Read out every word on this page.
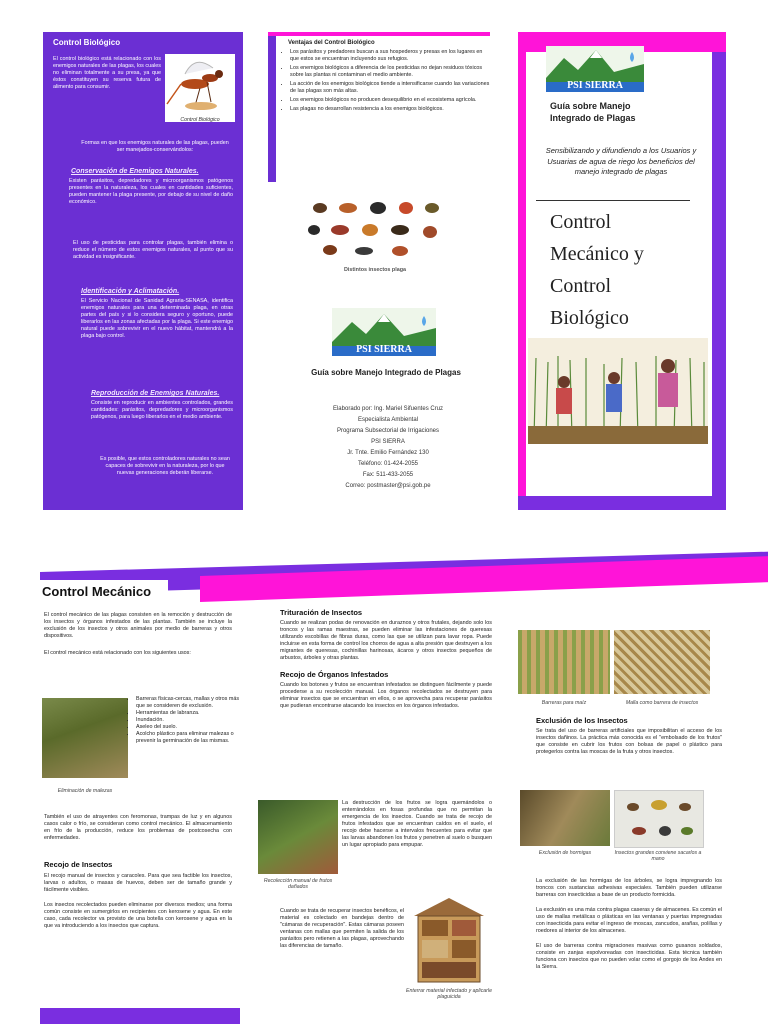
Control Biológico

El control biológico está relacionado con los enemigos naturales de las plagas, los cuales no eliminan totalmente a su presa, ya que éstos constituyen su reserva futura de alimento para consumir.

Control Biológico

Formas en que los enemigos naturales de las plagas, pueden ser manejados-conservándolos:

Conservación de Enemigos Naturales.

Existen parásitos, depredadores y microorganismos patógenos presentes en la naturaleza, los cuales en cantidades suficientes, pueden mantener la plaga presente, por debajo de su nivel de daño económico.

El uso de pesticidas para controlar plagas, también elimina o reduce el número de estos enemigos naturales, al punto que su actividad es insignificante.

Identificación y Aclimatación.

El Servicio Nacional de Sanidad Agraria-SENASA, identifica enemigos naturales para una determinada plaga, en otras partes del país y si lo considera seguro y oportuno, puede liberarlos en las zonas afectadas por la plaga. Si este enemigo natural puede sobrevivir en el nuevo hábitat, mantendrá a la plaga bajo control.

Reproducción de Enemigos Naturales.

Consiste en reproducir en ambientes controlados, grandes cantidades: parásitos, depredadores y microorganismos patógenos, para luego liberarlos en el medio ambiente.

Es posible, que estos controladores naturales no sean capaces de sobrevivir en la naturaleza, por lo que nuevas generaciones deberán liberarse.

Ventajas del Control Biológico
• Los parásitos y predadores buscan a sus hospederos y presas en los lugares en que estos se encuentran incluyendo sus refugios.
• Los enemigos biológicos a diferencia de los pesticidas no dejan residuos tóxicos sobre las plantas ni contaminan el medio ambiente.
• La acción de los enemigos biológicos tiende a intensificarse cuando las variaciones de las plagas son más altas.
• Los enemigos biológicos no producen desequilibrio en el ecosistema agrícola.
• Las plagas no desarrollan resistencia a los enemigos biológicos.
Distintos insectos plaga
PSI SIERRA
Guía sobre Manejo Integrado de Plagas
Elaborado por: Ing. Mariel Sifuentes Cruz
Especialista Ambiental
Programa Subsectorial de Irrigaciones
PSI SIERRA
Jr. Tnte. Emilio Fernández 130
Teléfono: 01-424-2055
Fax: 511-433-2055
Correo: postmaster@psi.gob.pe
PSI SIERRA
Guía sobre Manejo Integrado de Plagas
Sensibilizando y difundiendo a los Usuarios y Usuarias de agua de riego los beneficios del manejo integrado de plagas
Control Mecánico y Control Biológico
Control Mecánico

El control mecánico de las plagas consisten en la remoción y destrucción de los insectos y órganos infestados de las plantas. También se incluye la exclusión de los insectos y otros animales por medio de barreras y otros dispositivos.

El control mecánico está relacionado con los siguientes usos:

Eliminación de malezas
• Barreras físicas-cercas, mallas y otros más que se consideren de exclusión.
• Herramientas de labranza.
• Inundación.
• Aseleo del suelo.
• Acolcho plástico para eliminar malezas o prevenir la germinación de las mismas.

También el uso de atrayentes con feromonas, trampas de luz y en algunos casos calor o frío, se consideran como control mecánico. El almacenamiento en frío de la producción, reduce los problemas de postcosecha con enfermedades.

Recojo de Insectos

El recojo manual de insectos y caracoles. Para que sea factible los insectos, larvas o adultos, o masas de huevos, deben ser de tamaño grande y fácilmente visibles.

Los insectos recolectados pueden eliminarse por diversos medios; una forma común consiste en sumergirlos en recipientes con kerosene y agua. En este caso, cada recolector va provisto de una botella con kerosene y agua en la que va introduciendo a los insectos que captura.

Trituración de Insectos

Cuando se realizan podas de renovación en duraznos y otros frutales, dejando solo los troncos y las ramas maestras, se pueden eliminar las infestaciones de queresas utilizando escobillas de fibras duras, como las que se utilizan para lavar ropa. Puede incluirse en esta forma de control los chorros de agua a alta presión que destruyen a los migrantes de queresas, cochinillas harinosas, ácaros y otros insectos pequeños de arbustos, árboles y otras plantas.

Recojo de Órganos Infestados

Cuando los botones y frutos se encuentran infestados se distinguen fácilmente y puede procederse a su recolección manual. Los órganos recolectados se destruyen para eliminar insectos que se encuentran en ellos, o se aprovecha para recuperar parásitos que pudieran encontrarse atacando los insectos en los órganos infestados.

Recolección manual de frutos dañados

La destrucción de los frutos se logra quemándolos o enterrándolos en fosas profundas que no permitan la emergencia de los insectos. Cuando se trata de recojo de frutos infestados que se encuentran caídos en el suelo, el recojo debe hacerse a intervalos frecuentes para evitar que las larvas abandonen los frutos y penetren al suelo o busquen un lugar apropiado para empupar.

Cuando se trata de recuperar insectos benéficos, el material es colectado en bandejas dentro de "cámaras de recuperación". Estas cámaras poseen ventanas con mallas que permiten la salida de los parásitos pero retienen a las plagas, aprovechando las diferencias de tamaño.

Enterrar material infectado y aplicarle plaguicida
Barreras para maíz	Malla como barrera de insectos

Exclusión de los Insectos

Se trata del uso de barreras artificiales que imposibilitan el acceso de los insectos dañinos. La práctica más conocida es el "embolsado de los frutos" que consiste en cubrir los frutos con bolsas de papel o plástico para protegerlos contra las moscas de la fruta y otros insectos.

Exclusión de hormigas	Insectos grandes conviene sacarlos a mano

La exclusión de las hormigas de los árboles, se logra impregnando los troncos con sustancias adhesivas especiales. También pueden utilizarse barreras con insecticidas a base de un producto formicida.

La exclusión es una más contra plagas caseras y de almacenes. Es común el uso de mallas metálicas o plásticas en las ventanas y puertas impregnadas con insecticida para evitar el ingreso de moscas, zancudos, arañas, polillas y roedores al interior de los almacenes.

El uso de barreras contra migraciones masivas como gusanos soldados, consiste en zanjas espolvoreadas con insecticidas. Esta técnica también funciona con insectos que no pueden volar como el gorgojo de los Andes en la Sierra.
